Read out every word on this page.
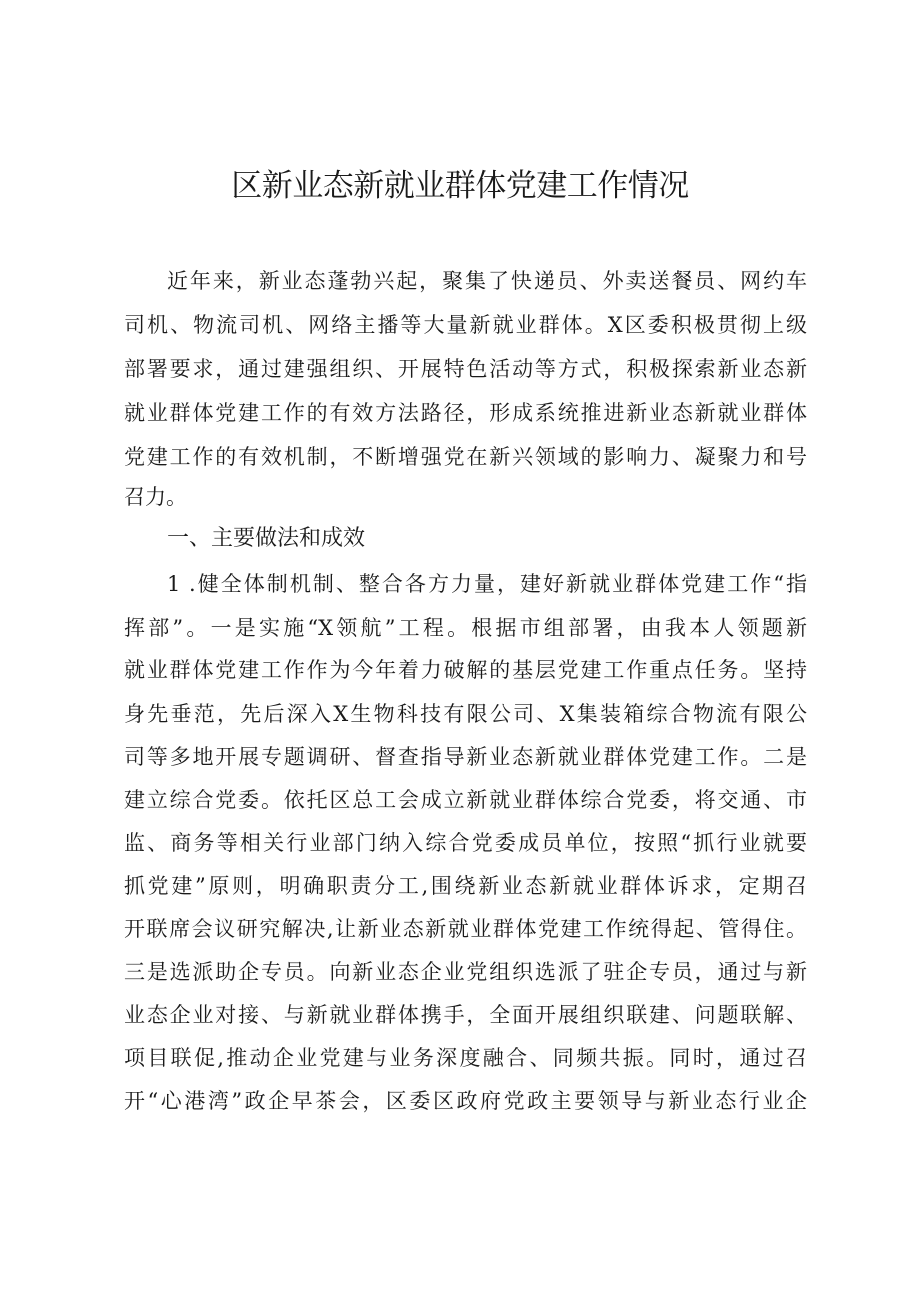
区新业态新就业群体党建工作情况

近年来，新业态蓬勃兴起，聚集了快递员、外卖送餐员、网约车

司机、物流司机、网络主播等大量新就业群体。X区委积极贯彻上级

部署要求，通过建强组织、开展特色活动等方式，积极探索新业态新

就业群体党建工作的有效方法路径，形成系统推进新业态新就业群体

党建工作的有效机制，不断增强党在新兴领域的影响力、凝聚力和号

召力。

一、主要做法和成效

1 .健全体制机制、整合各方力量，建好新就业群体党建工作“指

挥部”。一是实施“X领航”工程。根据市组部署，由我本人领题新

就业群体党建工作作为今年着力破解的基层党建工作重点任务。坚持

身先垂范，先后深入X生物科技有限公司、X集装箱综合物流有限公

司等多地开展专题调研、督查指导新业态新就业群体党建工作。二是

建立综合党委。依托区总工会成立新就业群体综合党委，将交通、市

监、商务等相关行业部门纳入综合党委成员单位，按照“抓行业就要

抓党建”原则，明确职责分工,围绕新业态新就业群体诉求，定期召

开联席会议研究解决,让新业态新就业群体党建工作统得起、管得住。

三是选派助企专员。向新业态企业党组织选派了驻企专员，通过与新

业态企业对接、与新就业群体携手，全面开展组织联建、问题联解、

项目联促,推动企业党建与业务深度融合、同频共振。同时，通过召

开“心港湾”政企早茶会，区委区政府党政主要领导与新业态行业企
